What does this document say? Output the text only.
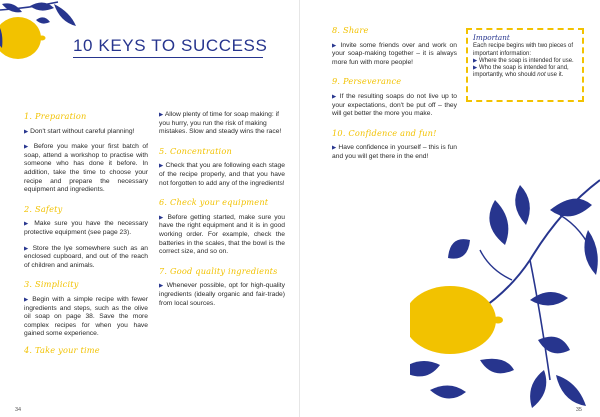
10 KEYS TO SUCCESS
1. Preparation

▶ Don't start without careful planning!

▶ Before you make your first batch of soap, attend a workshop to practise with someone who has done it before. In addition, take the time to choose your recipe and prepare the necessary equipment and ingredients.

2. Safety

▶ Make sure you have the necessary protective equipment (see page 23).

▶ Store the lye somewhere such as an enclosed cupboard, and out of the reach of children and animals.

3. Simplicity

▶ Begin with a simple recipe with fewer ingredients and steps, such as the olive oil soap on page 38. Save the more complex recipes for when you have gained some experience.

4. Take your time

▶ Allow plenty of time for soap making: if you hurry, you run the risk of making mistakes. Slow and steady wins the race!

5. Concentration

▶ Check that you are following each stage of the recipe properly, and that you have not forgotten to add any of the ingredients!

6. Check your equipment

▶ Before getting started, make sure you have the right equipment and it is in good working order. For example, check the batteries in the scales, that the bowl is the correct size, and so on.

7. Good quality ingredients

▶ Whenever possible, opt for high-quality ingredients (ideally organic and fair-trade) from local sources.

34
8. Share

▶ Invite some friends over and work on your soap-making together – it is always more fun with more people!

9. Perseverance

▶ If the resulting soaps do not live up to your expectations, don't be put off – they will get better the more you make.

10. Confidence and fun!

▶ Have confidence in yourself – this is fun and you will get there in the end!

Important

Each recipe begins with two pieces of important information:

▶ Where the soap is intended for use.

▶ Who the soap is intended for and, importantly, who should not use it.

35
